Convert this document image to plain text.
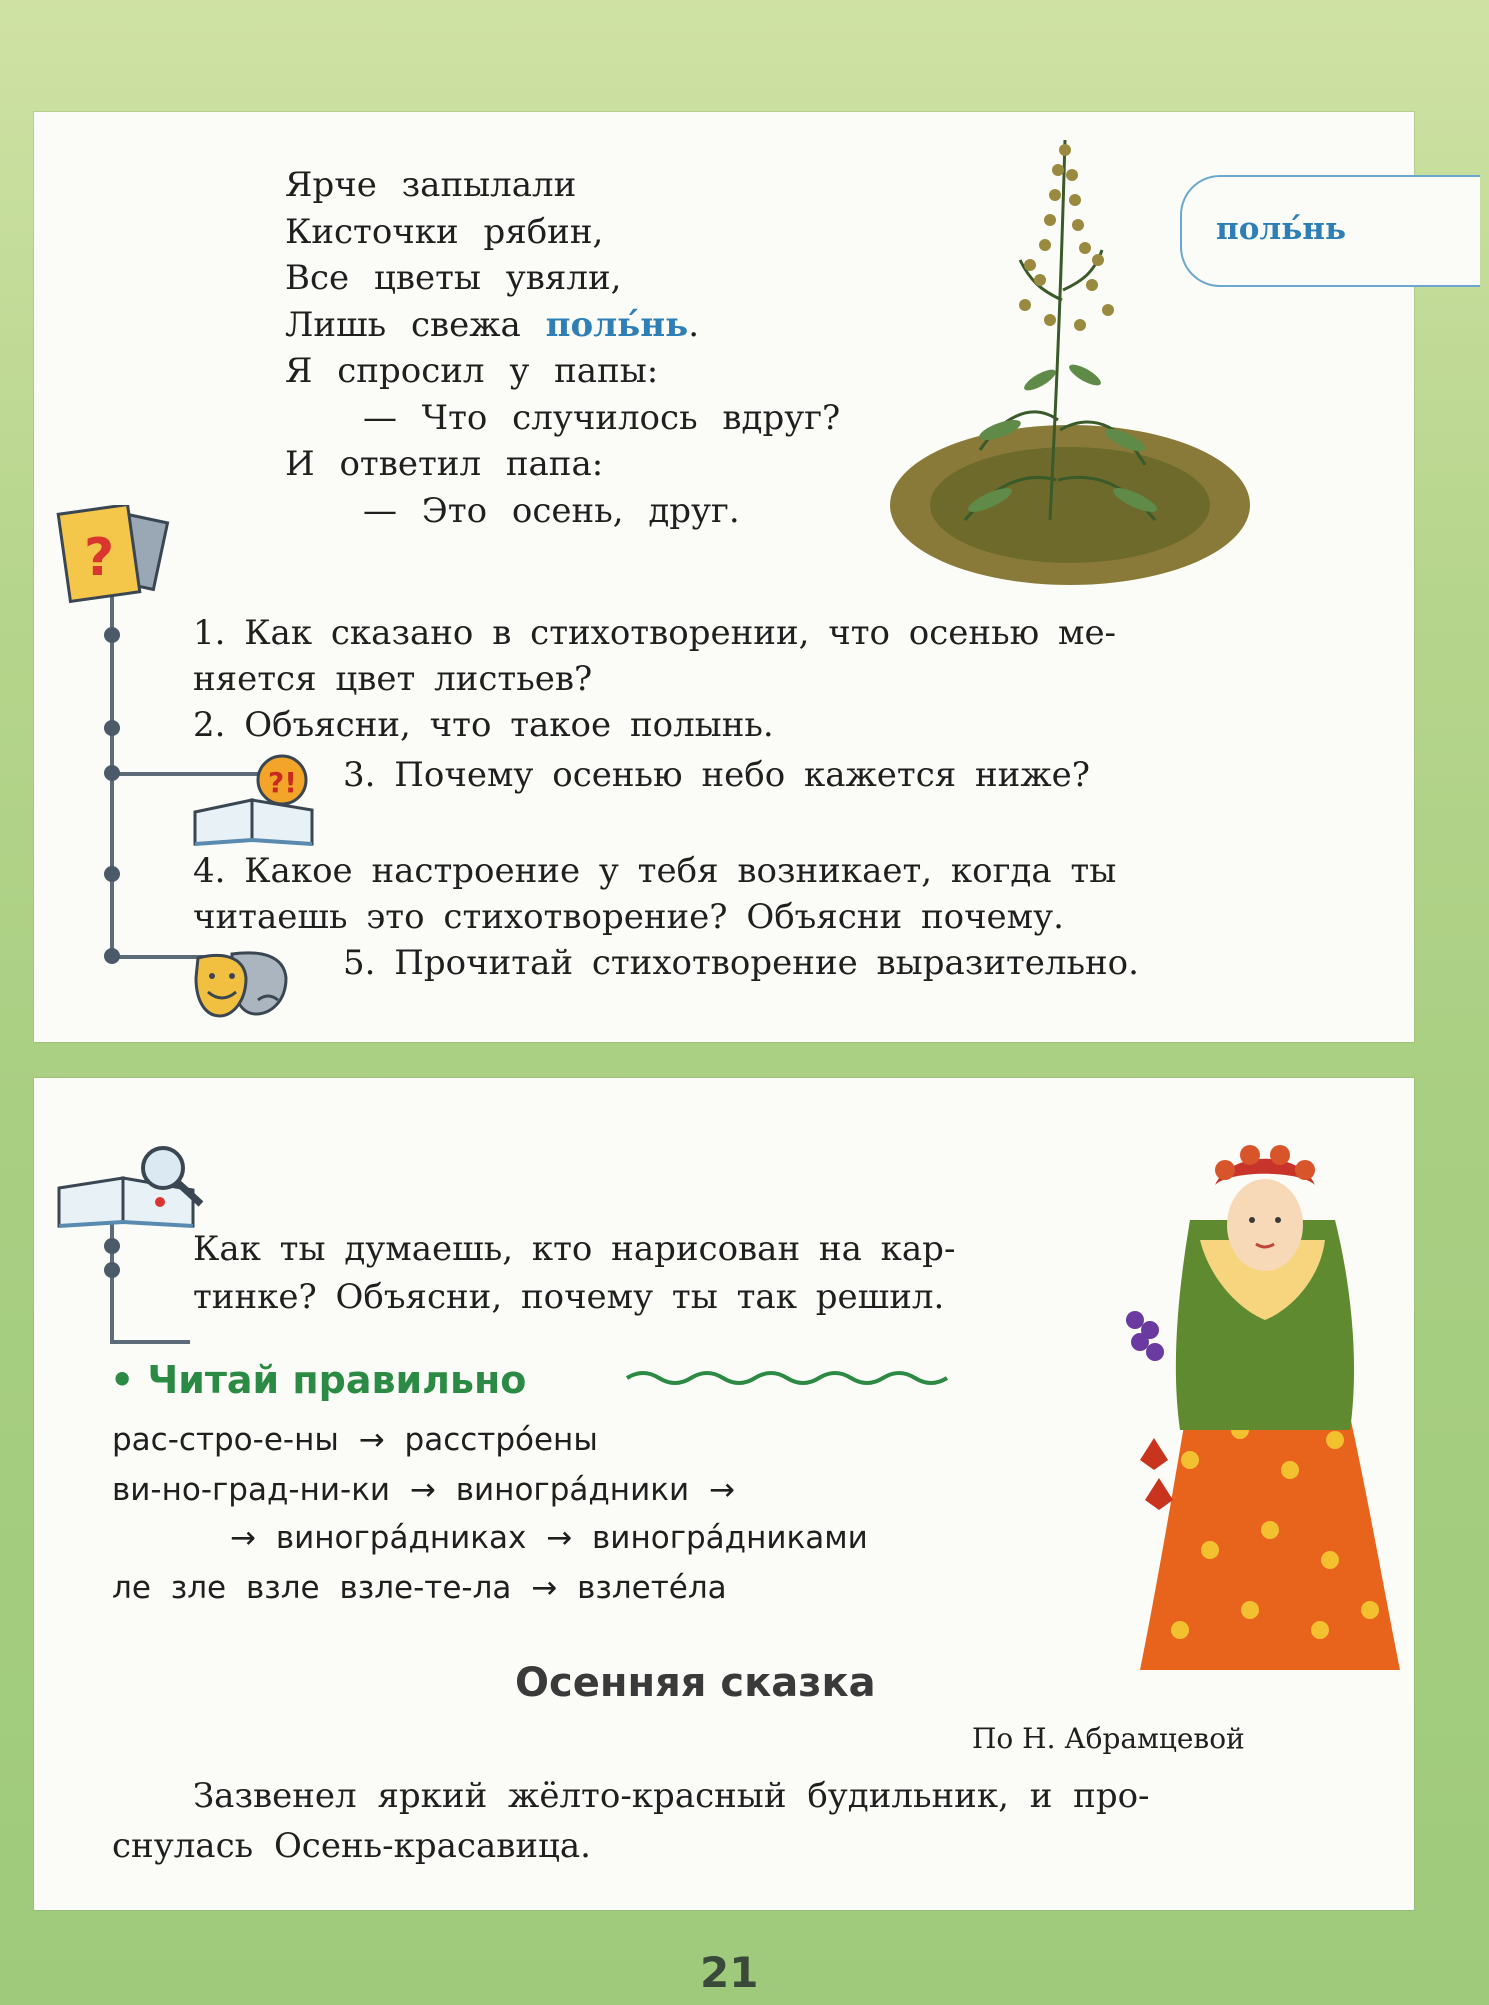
Ярче запылали
Кисточки рябин,
Все цветы увяли,
Лишь свежа поль́нь.
Я спросил у папы:
— Что случилось вдруг?
И ответил папа:
— Это осень, друг.
поль́нь
?
1. Как сказано в стихотворении, что осенью ме-
няется цвет листьев?
2. Объясни, что такое полынь.
3. Почему осенью небо кажется ниже?
4. Какое настроение у тебя возникает, когда ты
читаешь это стихотворение? Объясни почему.
5. Прочитай стихотворение выразительно.
?!
Как ты думаешь, кто нарисован на кар-
тинке? Объясни, почему ты так решил.
• Читай правильно
рас-стро-е-ны → расстро́ены
ви-но-град-ни-ки → виногра́дники →
→ виногра́дниках → виногра́дниками
ле зле взле взле-те-ла → взлете́ла
Осенняя сказка
По Н. Абрамцевой
Зазвенел яркий жёлто-красный будильник, и про-
снулась Осень-красавица.
21
